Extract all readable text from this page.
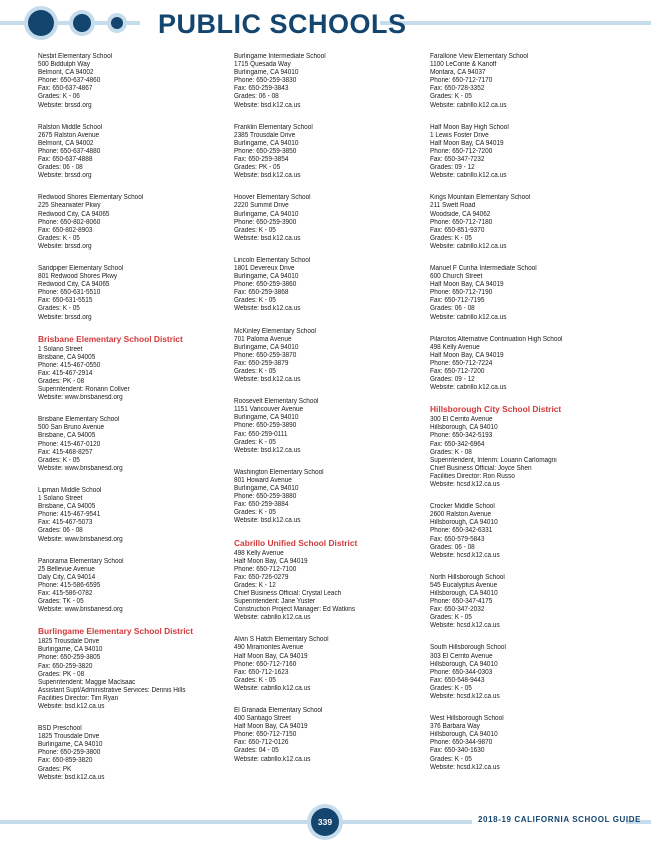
PUBLIC SCHOOLS
Nesbit Elementary School
500 Biddulph Way
Belmont, CA 94002
Phone: 650-637-4860
Fax: 650-637-4867
Grades: K - 06
Website: brssd.org
Ralston Middle School
2675 Ralston Avenue
Belmont, CA 94002
Phone: 650-637-4880
Fax: 650-637-4888
Grades: 06 - 08
Website: brssd.org
Redwood Shores Elementary School
225 Shearwater Pkwy
Redwood City, CA 94065
Phone: 650-802-8060
Fax: 650-802-8903
Grades: K - 05
Website: brssd.org
Sandpiper Elementary School
801 Redwood Shores Pkwy
Redwood City, CA 94065
Phone: 650-631-5510
Fax: 650-631-5515
Grades: K - 05
Website: brssd.org
Brisbane Elementary School District
1 Solano Street
Brisbane, CA 94005
Phone: 415-467-0550
Fax: 415-467-2914
Grades: PK - 08
Superintendent: Ronann Collver
Website: www.brisbanesd.org
Brisbane Elementary School
500 San Bruno Avenue
Brisbane, CA 94005
Phone: 415-467-0120
Fax: 415-468-8257
Grades: K - 05
Website: www.brisbanesd.org
Lipman Middle School
1 Solano Street
Brisbane, CA 94005
Phone: 415-467-9541
Fax: 415-467-5073
Grades: 06 - 08
Website: www.brisbanesd.org
Panorama Elementary School
25 Bellevue Avenue
Daly City, CA 94014
Phone: 415-586-6595
Fax: 415-586-0782
Grades: TK - 05
Website: www.brisbanesd.org
Burlingame Elementary School District
1825 Trousdale Drive
Burlingame, CA 94010
Phone: 650-259-3805
Fax: 650-259-3820
Grades: PK - 08
Superintendent: Maggie Maclsaac
Assistant Supt/Administrative Services: Dennis Hills
Facilities Director: Tim Ryan
Website: bsd.k12.ca.us
BSD Preschool
1825 Trousdale Drive
Burlingame, CA 94010
Phone: 650-259-3800
Fax: 650-859-3820
Grades: PK
Website: bsd.k12.ca.us
Burlingame Intermediate School
1715 Quesada Way
Burlingame, CA 94010
Phone: 650-259-3830
Fax: 650-259-3843
Grades: 06 - 08
Website: bsd.k12.ca.us
Franklin Elementary School
2385 Trousdale Drive
Burlingame, CA 94010
Phone: 650-259-3850
Fax: 650-259-3854
Grades: PK - 05
Website: bsd.k12.ca.us
Hoover Elementary School
2220 Summit Drive
Burlingame, CA 94010
Phone: 650-259-3900
Grades: K - 05
Website: bsd.k12.ca.us
Lincoln Elementary School
1801 Devereux Drive
Burlingame, CA 94010
Phone: 650-259-3860
Fax: 650-259-3868
Grades: K - 05
Website: bsd.k12.ca.us
McKinley Elementary School
701 Paloma Avenue
Burlingame, CA 94010
Phone: 650-259-3870
Fax: 650-259-3879
Grades: K - 05
Website: bsd.k12.ca.us
Roosevelt Elementary School
1151 Vancouver Avenue
Burlingame, CA 94010
Phone: 650-259-3890
Fax: 650-259-0111
Grades: K - 05
Website: bsd.k12.ca.us
Washington Elementary School
801 Howard Avenue
Burlingame, CA 94010
Phone: 650-259-3880
Fax: 650-259-3884
Grades: K - 05
Website: bsd.k12.ca.us
Cabrillo Unified School District
498 Kelly Avenue
Half Moon Bay, CA 94019
Phone: 650-712-7100
Fax: 650-726-0279
Grades: K - 12
Chief Business Official: Crystal Leach
Superintendent: Jane Yuster
Construction Project Manager: Ed Watkins
Website: cabrillo.k12.ca.us
Alvin S Hatch Elementary School
490 Miramontes Avenue
Half Moon Bay, CA 94019
Phone: 650-712-7160
Fax: 650-712-1623
Grades: K - 05
Website: cabrillo.k12.ca.us
El Granada Elementary School
400 Santiago Street
Half Moon Bay, CA 94019
Phone: 650-712-7150
Fax: 650-712-0126
Grades: 04 - 05
Website: cabrillo.k12.ca.us
Farallone View Elementary School
1100 LeConte & Kanoff
Montara, CA 94037
Phone: 650-712-7170
Fax: 650-728-3352
Grades: K - 05
Website: cabrillo.k12.ca.us
Half Moon Bay High School
1 Lewis Foster Drive
Half Moon Bay, CA 94019
Phone: 650-712-7200
Fax: 650-347-7232
Grades: 09 - 12
Website: cabrillo.k12.ca.us
Kings Mountain Elementary School
211 Swett Road
Woodside, CA 94062
Phone: 650-712-7180
Fax: 650-851-9370
Grades: K - 05
Website: cabrillo.k12.ca.us
Manuel F Cunha Intermediate School
600 Church Street
Half Moon Bay, CA 94019
Phone: 650-712-7190
Fax: 650-712-7195
Grades: 06 - 08
Website: cabrillo.k12.ca.us
Pilarcitos Alternative Continuation High School
498 Kelly Avenue
Half Moon Bay, CA 94019
Phone: 650-712-7224
Fax: 650-712-7200
Grades: 09 - 12
Website: cabrillo.k12.ca.us
Hillsborough City School District
300 El Cerrito Avenue
Hillsborough, CA 94010
Phone: 650-342-5193
Fax: 650-342-6964
Grades: K - 08
Superintendent, Interim: Louann Carlomagni
Chief Business Official: Joyce Shen
Facilities Director: Ron Russo
Website: hcsd.k12.ca.us
Crocker Middle School
2600 Ralston Avenue
Hillsborough, CA 94010
Phone: 650-342-6331
Fax: 650-579-5843
Grades: 06 - 08
Website: hcsd.k12.ca.us
North Hillsborough School
545 Eucalyptus Avenue
Hillsborough, CA 94010
Phone: 650-347-4175
Fax: 650-347-2032
Grades: K - 05
Website: hcsd.k12.ca.us
South Hillsborough School
303 El Cerrito Avenue
Hillsborough, CA 94010
Phone: 650-344-0303
Fax: 650-548-9443
Grades: K - 05
Website: hcsd.k12.ca.us
West Hillsborough School
376 Barbara Way
Hillsborough, CA 94010
Phone: 650-344-9870
Fax: 650-340-1630
Grades: K - 05
Website: hcsd.k12.ca.us
339	2018-19 CALIFORNIA SCHOOL GUIDE
